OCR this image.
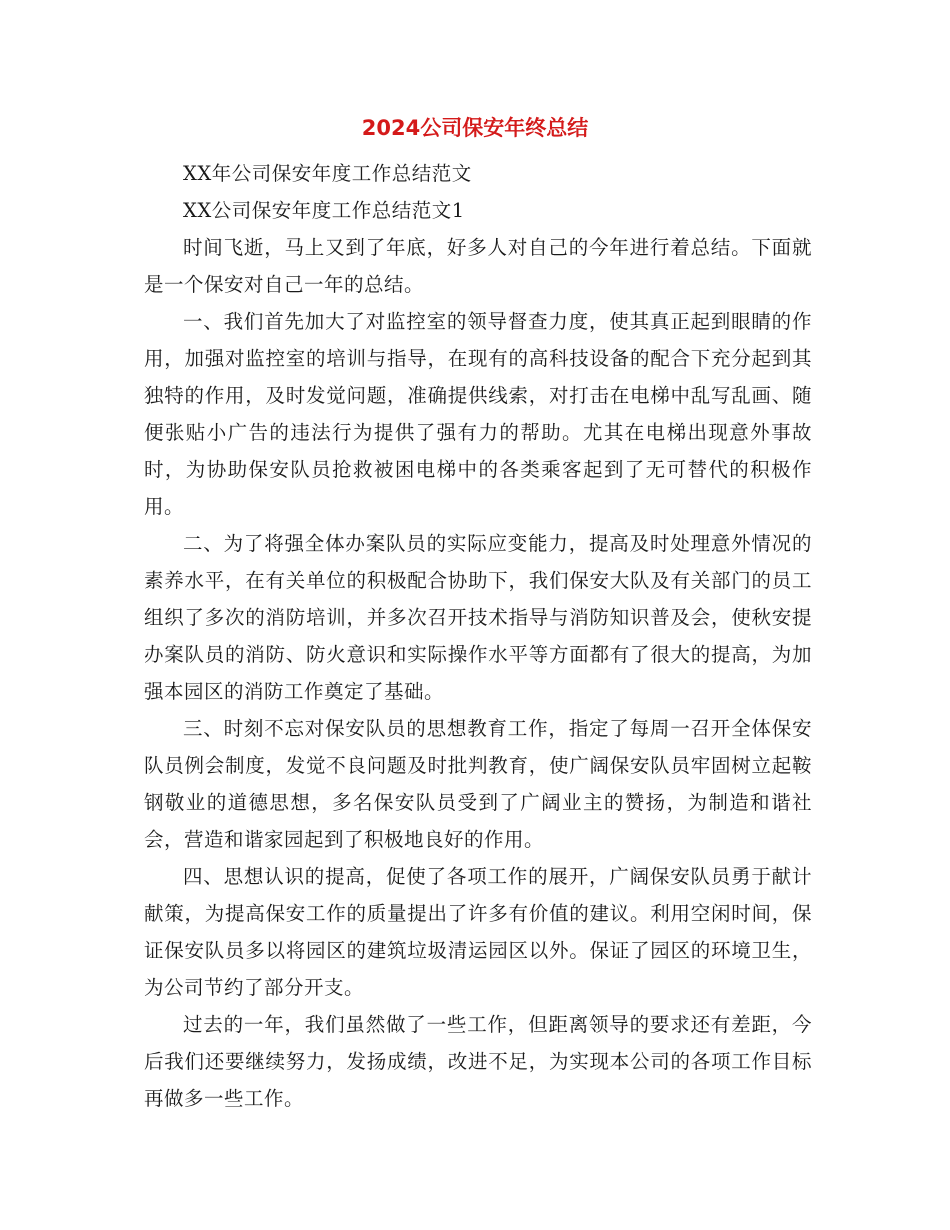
2024公司保安年终总结

XX年公司保安年度工作总结范文

XX公司保安年度工作总结范文1

时间飞逝，马上又到了年底，好多人对自己的今年进行着总结。下面就是一个保安对自己一年的总结。

一、我们首先加大了对监控室的领导督查力度，使其真正起到眼睛的作用，加强对监控室的培训与指导，在现有的高科技设备的配合下充分起到其独特的作用，及时发觉问题，准确提供线索，对打击在电梯中乱写乱画、随便张贴小广告的违法行为提供了强有力的帮助。尤其在电梯出现意外事故时，为协助保安队员抢救被困电梯中的各类乘客起到了无可替代的积极作用。

二、为了将强全体办案队员的实际应变能力，提高及时处理意外情况的素养水平，在有关单位的积极配合协助下，我们保安大队及有关部门的员工组织了多次的消防培训，并多次召开技术指导与消防知识普及会，使秋安提办案队员的消防、防火意识和实际操作水平等方面都有了很大的提高，为加强本园区的消防工作奠定了基础。

三、时刻不忘对保安队员的思想教育工作，指定了每周一召开全体保安队员例会制度，发觉不良问题及时批判教育，使广阔保安队员牢固树立起鞍钢敬业的道德思想，多名保安队员受到了广阔业主的赞扬，为制造和谐社会，营造和谐家园起到了积极地良好的作用。

四、思想认识的提高，促使了各项工作的展开，广阔保安队员勇于献计献策，为提高保安工作的质量提出了许多有价值的建议。利用空闲时间，保证保安队员多以将园区的建筑垃圾清运园区以外。保证了园区的环境卫生，为公司节约了部分开支。

过去的一年，我们虽然做了一些工作，但距离领导的要求还有差距，今后我们还要继续努力，发扬成绩，改进不足，为实现本公司的各项工作目标再做多一些工作。
